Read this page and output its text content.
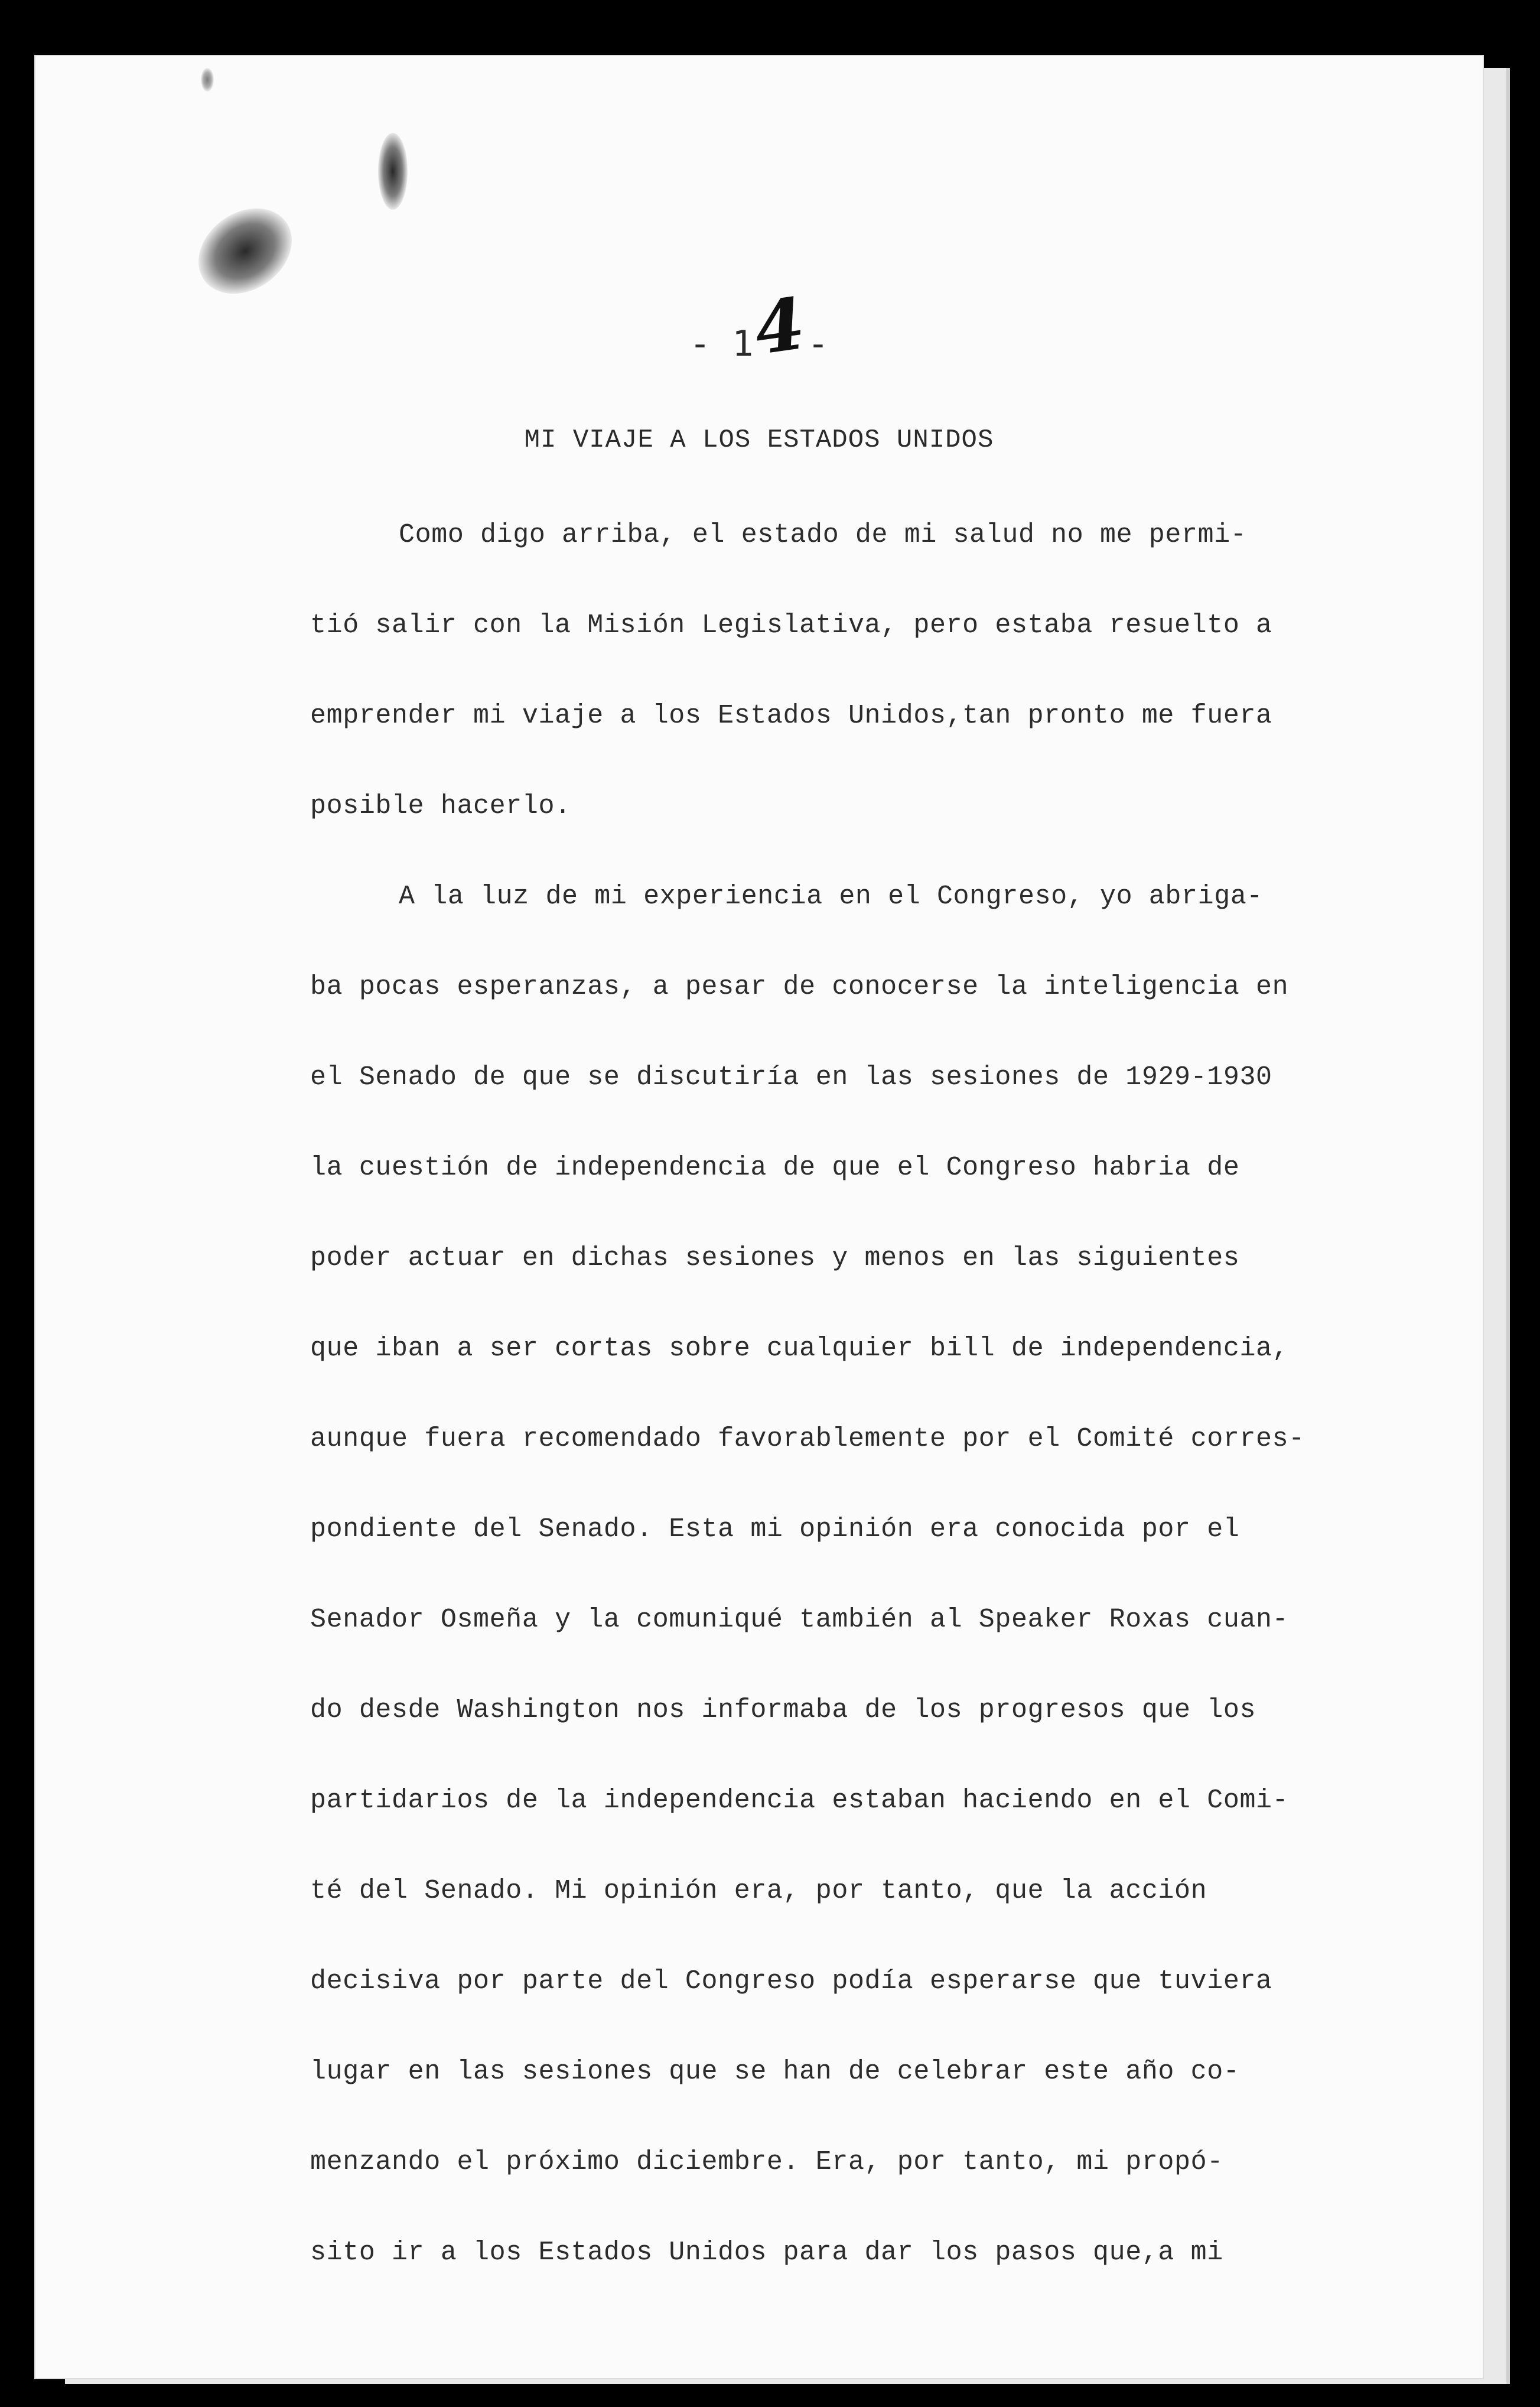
- 14-
MI VIAJE A LOS ESTADOS UNIDOS
Como digo arriba, el estado de mi salud no me permi-
tió salir con la Misión Legislativa, pero estaba resuelto a
emprender mi viaje a los Estados Unidos,tan pronto me fuera
posible hacerlo.
A la luz de mi experiencia en el Congreso, yo abriga-
ba pocas esperanzas, a pesar de conocerse la inteligencia en
el Senado de que se discutiría en las sesiones de 1929-1930
la cuestión de independencia de que el Congreso habria de
poder actuar en dichas sesiones y menos en las siguientes
que iban a ser cortas sobre cualquier bill de independencia,
aunque fuera recomendado favorablemente por el Comité corres-
pondiente del Senado. Esta mi opinión era conocida por el
Senador Osmeña y la comuniqué también al Speaker Roxas cuan-
do desde Washington nos informaba de los progresos que los
partidarios de la independencia estaban haciendo en el Comi-
té del Senado. Mi opinión era, por tanto, que la acción
decisiva por parte del Congreso podía esperarse que tuviera
lugar en las sesiones que se han de celebrar este año co-
menzando el próximo diciembre. Era, por tanto, mi propó-
sito ir a los Estados Unidos para dar los pasos que,a mi
